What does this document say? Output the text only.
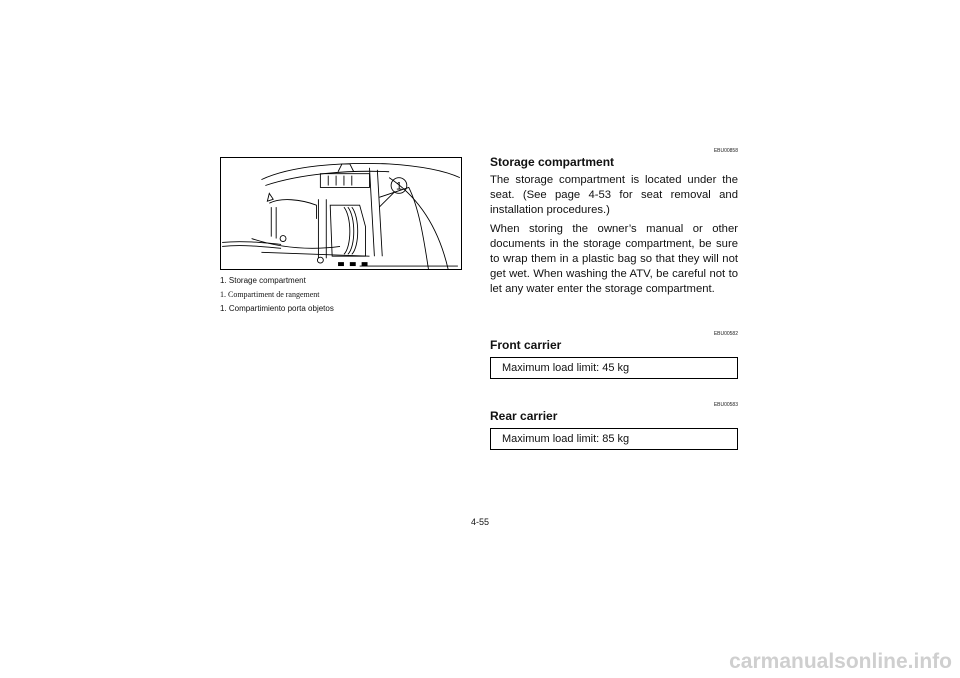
1
1. Storage compartment
1. Compartiment de rangement
1. Compartimiento porta objetos
EBU00858
Storage compartment

The storage compartment is located under the seat. (See page 4-53 for seat removal and installation procedures.)

When storing the owner’s manual or other documents in the storage compartment, be sure to wrap them in a plastic bag so that they will not get wet. When washing the ATV, be careful not to let any water enter the storage compartment.

EBU00582
Front carrier
Maximum load limit: 45 kg
EBU00583
Rear carrier
Maximum load limit: 85 kg
4-55
carmanualsonline.info
